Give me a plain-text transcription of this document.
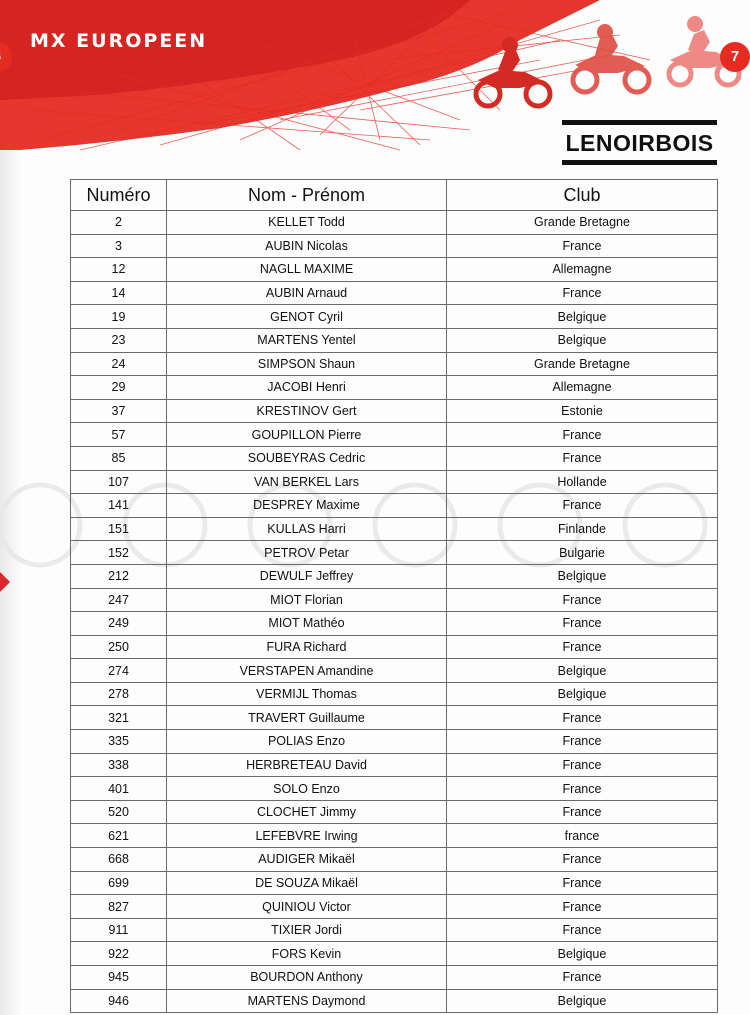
MX EUROPEEN
7
LENOIRBOIS
Numéro	Nom - Prénom	Club
2	KELLET Todd	Grande Bretagne
3	AUBIN Nicolas	France
12	NAGLL MAXIME	Allemagne
14	AUBIN Arnaud	France
19	GENOT Cyril	Belgique
23	MARTENS Yentel	Belgique
24	SIMPSON Shaun	Grande Bretagne
29	JACOBI Henri	Allemagne
37	KRESTINOV Gert	Estonie
57	GOUPILLON Pierre	France
85	SOUBEYRAS Cedric	France
107	VAN BERKEL Lars	Hollande
141	DESPREY Maxime	France
151	KULLAS Harri	Finlande
152	PETROV Petar	Bulgarie
212	DEWULF Jeffrey	Belgique
247	MIOT Florian	France
249	MIOT Mathéo	France
250	FURA Richard	France
274	VERSTAPEN Amandine	Belgique
278	VERMIJL Thomas	Belgique
321	TRAVERT Guillaume	France
335	POLIAS Enzo	France
338	HERBRETEAU David	France
401	SOLO Enzo	France
520	CLOCHET Jimmy	France
621	LEFEBVRE Irwing	france
668	AUDIGER Mikaël	France
699	DE SOUZA Mikaël	France
827	QUINIOU Victor	France
911	TIXIER Jordi	France
922	FORS Kevin	Belgique
945	BOURDON Anthony	France
946	MARTENS Daymond	Belgique
